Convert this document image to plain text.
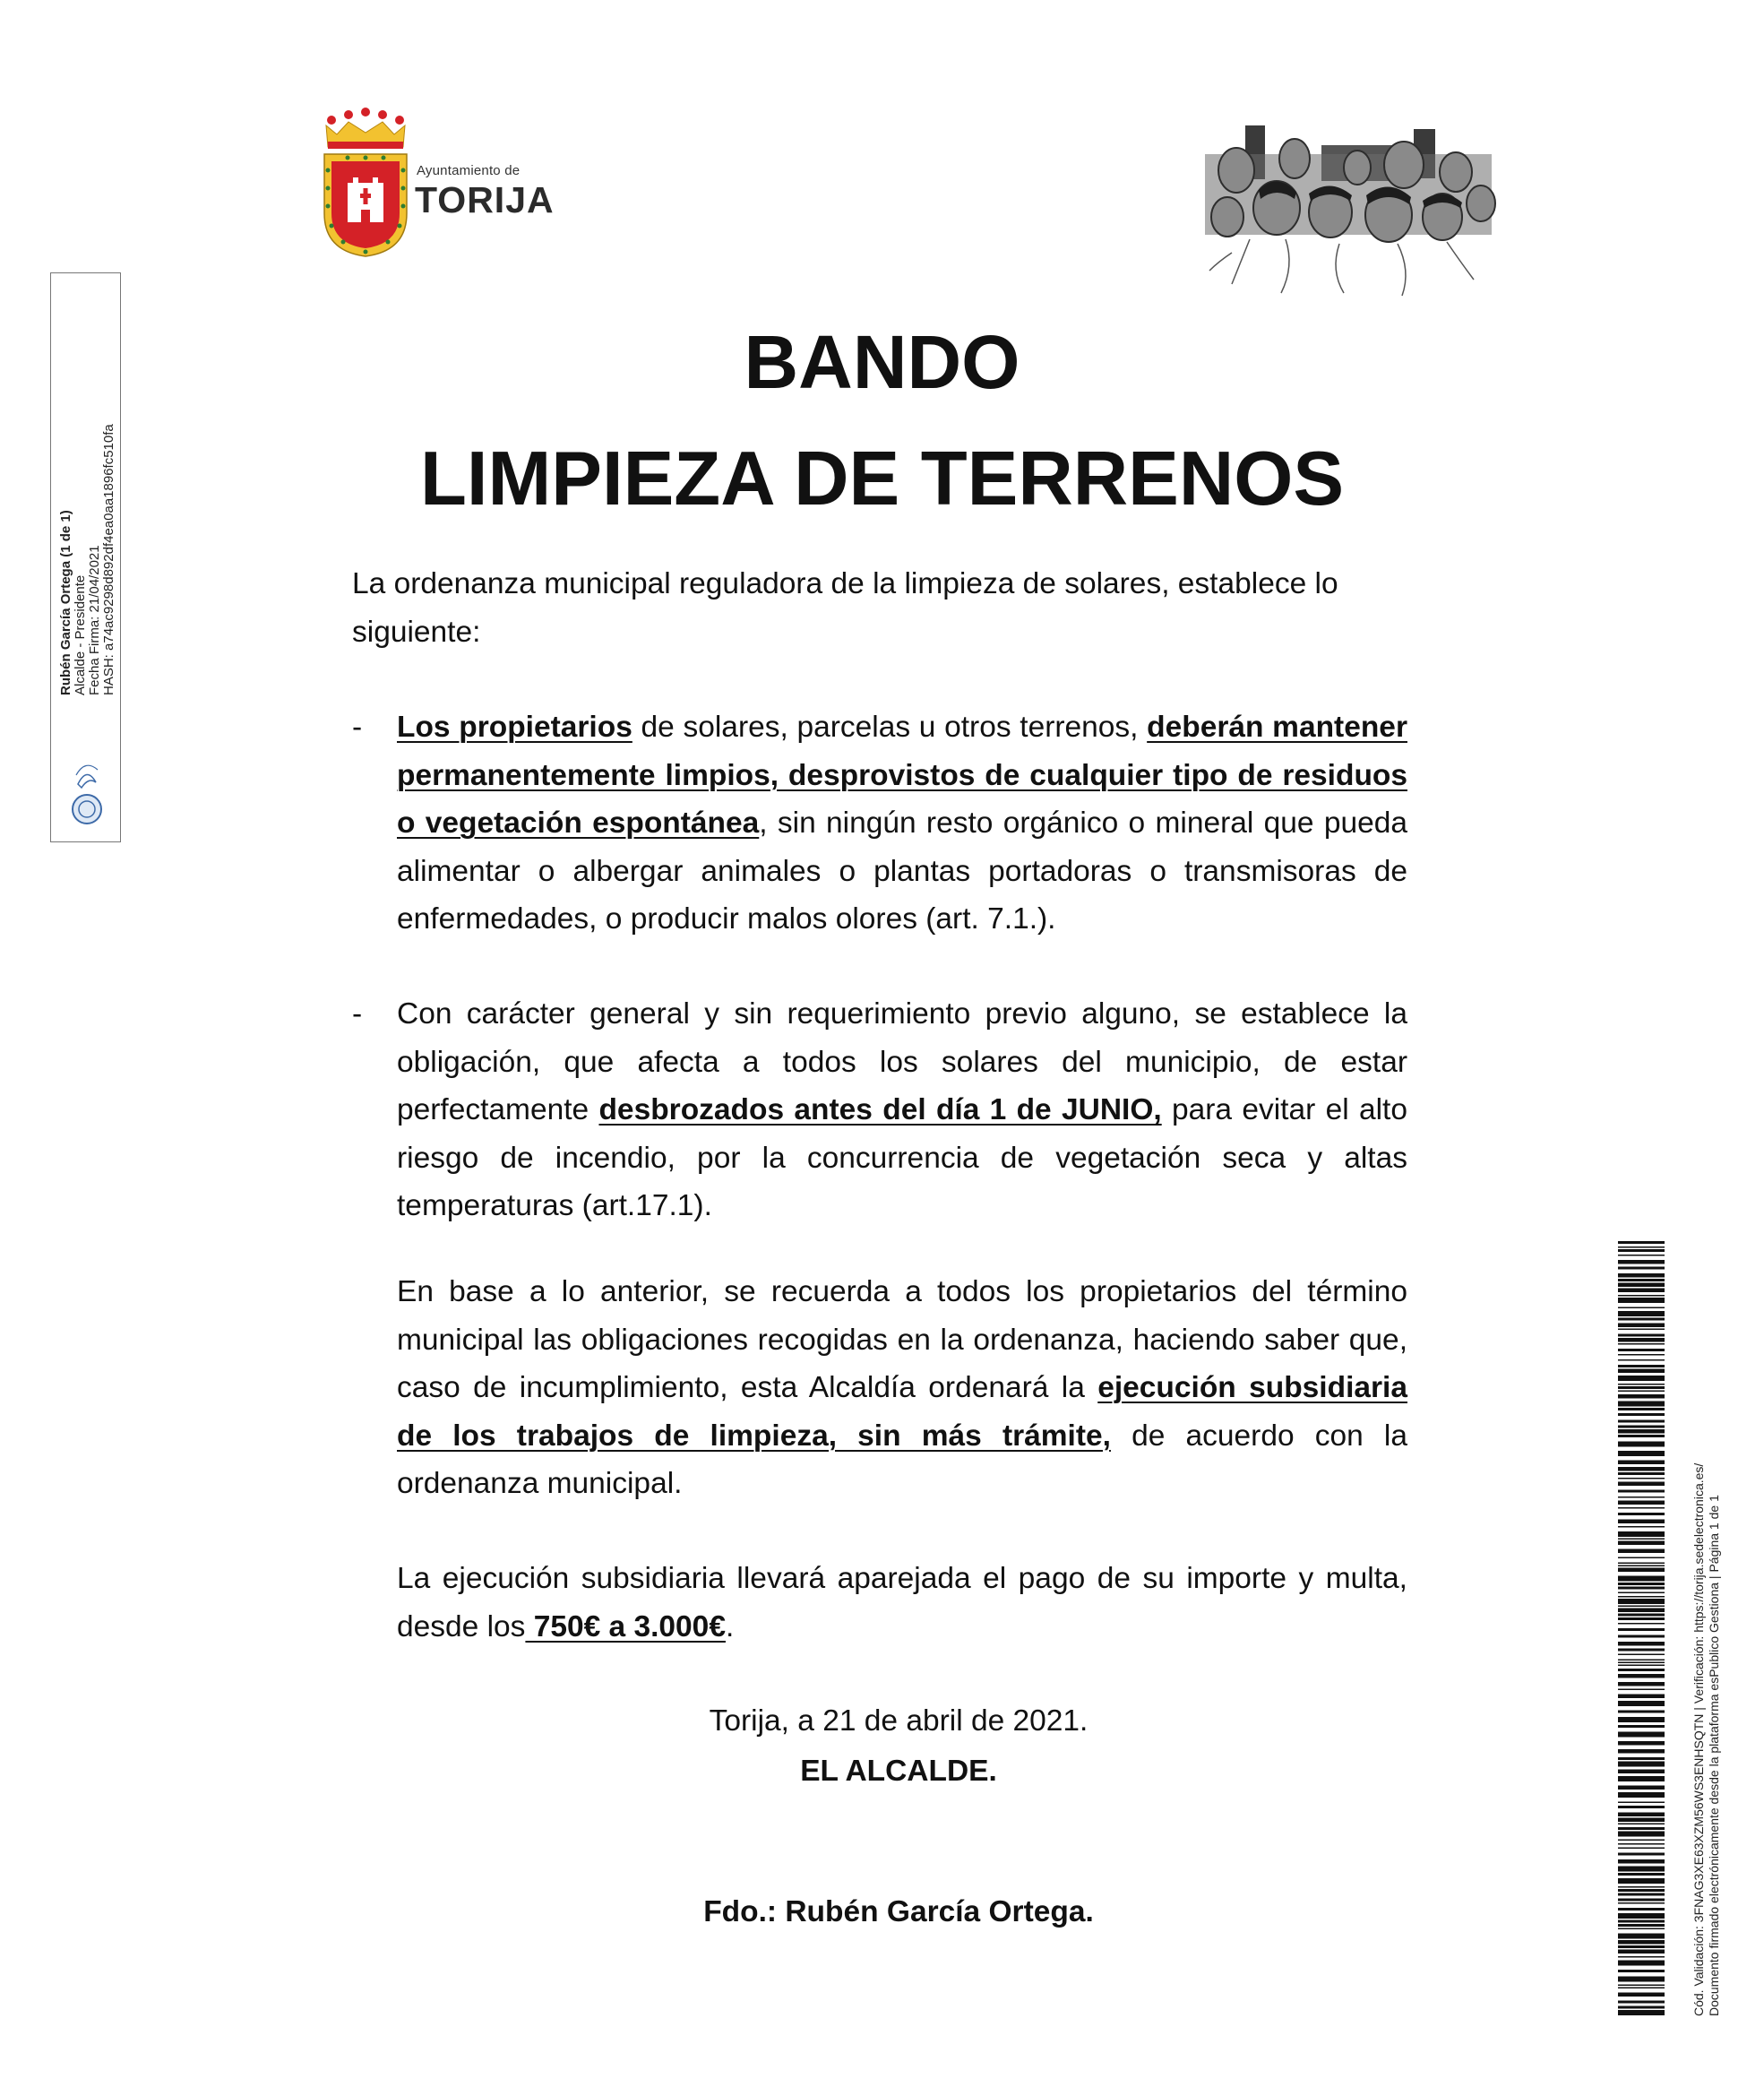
Ayuntamiento de
TORIJA
BANDO
LIMPIEZA DE TERRENOS
La ordenanza municipal reguladora de la limpieza de solares, establece lo siguiente:
- Los propietarios de solares, parcelas u otros terrenos, deberán mantener permanentemente limpios, desprovistos de cualquier tipo de residuos o vegetación espontánea, sin ningún resto orgánico o mineral que pueda alimentar o albergar animales o plantas portadoras o transmisoras de enfermedades, o producir malos olores (art. 7.1.).
- Con carácter general y sin requerimiento previo alguno, se establece la obligación, que afecta a todos los solares del municipio, de estar perfectamente desbrozados antes del día 1 de JUNIO, para evitar el alto riesgo de incendio, por la concurrencia de vegetación seca y altas temperaturas (art.17.1).
En base a lo anterior, se recuerda a todos los propietarios del término municipal las obligaciones recogidas en la ordenanza, haciendo saber que, caso de incumplimiento, esta Alcaldía ordenará la ejecución subsidiaria de los trabajos de limpieza, sin más trámite, de acuerdo con la ordenanza municipal.
La ejecución subsidiaria llevará aparejada el pago de su importe y multa, desde los 750€ a 3.000€.
Torija, a 21 de abril de 2021.
EL ALCALDE.
Fdo.: Rubén García Ortega.
Rubén García Ortega (1 de 1) Alcalde - Presidente Fecha Firma: 21/04/2021 HASH: a74ac9298d892df4ea0aa1896fc510fa
Cód. Validación: 3FNAG3XE63XZM56WS3ENHSQTN | Verificación: https://torija.sedelectronica.es/ Documento firmado electrónicamente desde la plataforma esPublico Gestiona | Página 1 de 1
